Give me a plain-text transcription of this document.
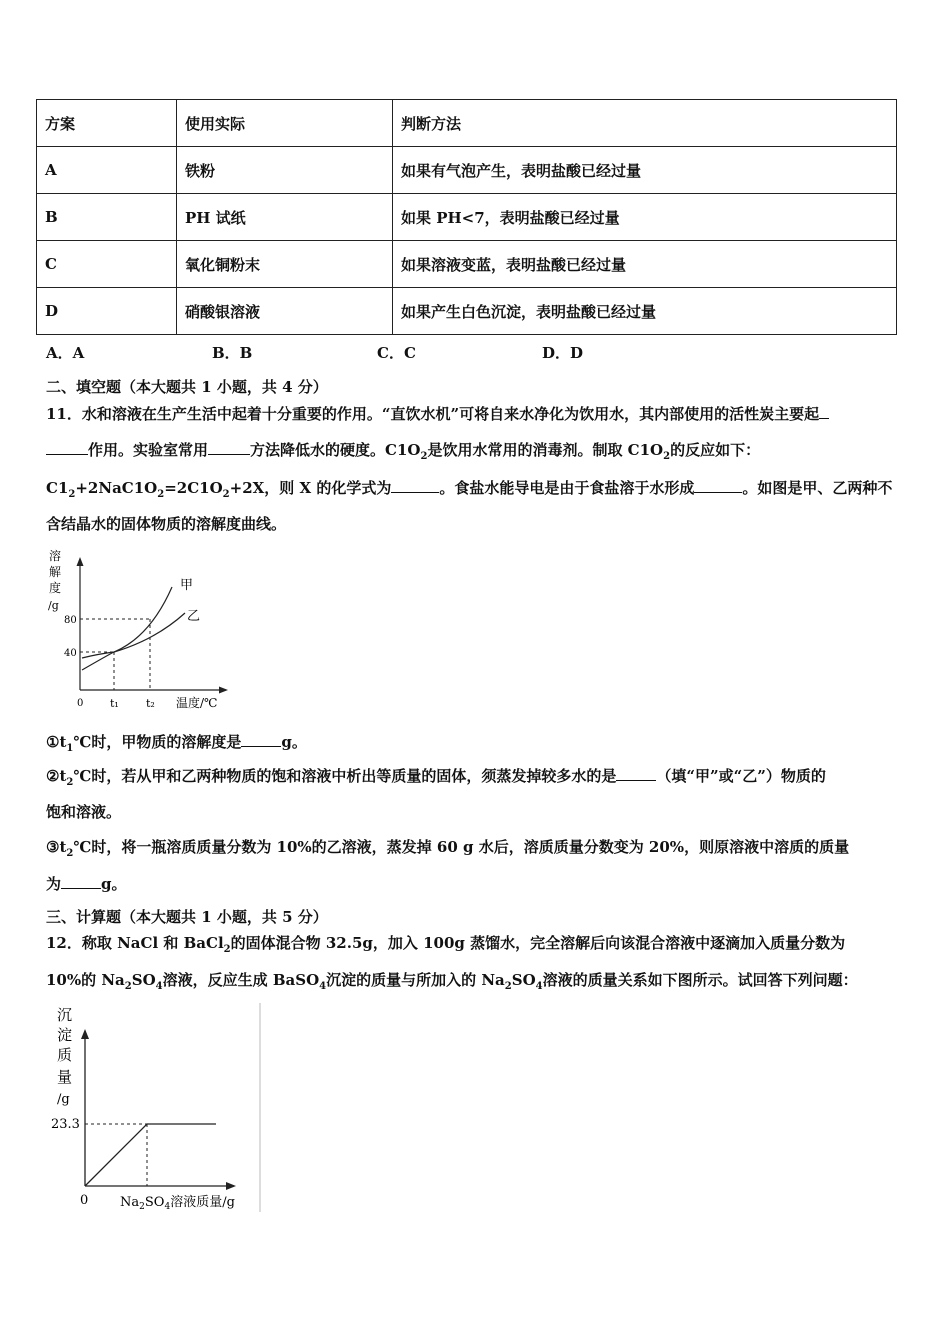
方案	使用实际	判断方法
A	铁粉	如果有气泡产生，表明盐酸已经过量
B	PH 试纸	如果 PH<7，表明盐酸已经过量
C	氧化铜粉末	如果溶液变蓝，表明盐酸已经过量
D	硝酸银溶液	如果产生白色沉淀，表明盐酸已经过量
A．A	B．B	C．C	D．D
二、填空题（本大题共 1 小题，共 4 分）
11．水和溶液在生产生活中起着十分重要的作用。“直饮水机”可将自来水净化为饮用水，其内部使用的活性炭主要起
作用。实验室常用	方法降低水的硬度。$C1O_2$是饮用水常用的消毒剂。制取 $C1O_2$的反应如下：
$C1_2+2NaC1O_2=2C1O_2+2X$，则 X 的化学式为	。食盐水能导电是由于食盐溶于水形成	。如图是甲、乙两种不
含结晶水的固体物质的溶解度曲线。
溶
解
度
/g
甲
乙
80
40
0 t₁ t₂ 温度/℃
$①t_1℃$时，甲物质的溶解度是	g。
$②t_2℃$时，若从甲和乙两种物质的饱和溶液中析出等质量的固体，须蒸发掉较多水的是	（填“甲”或“乙”）物质的
饱和溶液。
$③t_2℃$时，将一瓶溶质质量分数为 10%的乙溶液，蒸发掉 60 g 水后，溶质质量分数变为 20%，则原溶液中溶质的质量
为	g。
三、计算题（本大题共 1 小题，共 5 分）
12．称取 NaCl 和 BaCl$_2$的固体混合物 32.5g，加入 100g 蒸馏水，完全溶解后向该混合溶液中逐滴加入质量分数为
10%的 $Na_2SO_4$溶液，反应生成 BaSO$_4$沉淀的质量与所加入的 $Na_2SO_4$溶液的质量关系如下图所示。试回答下列问题：
沉
淀
质
量
/g
23.3
0 $Na_2SO_4$溶液质量/g
